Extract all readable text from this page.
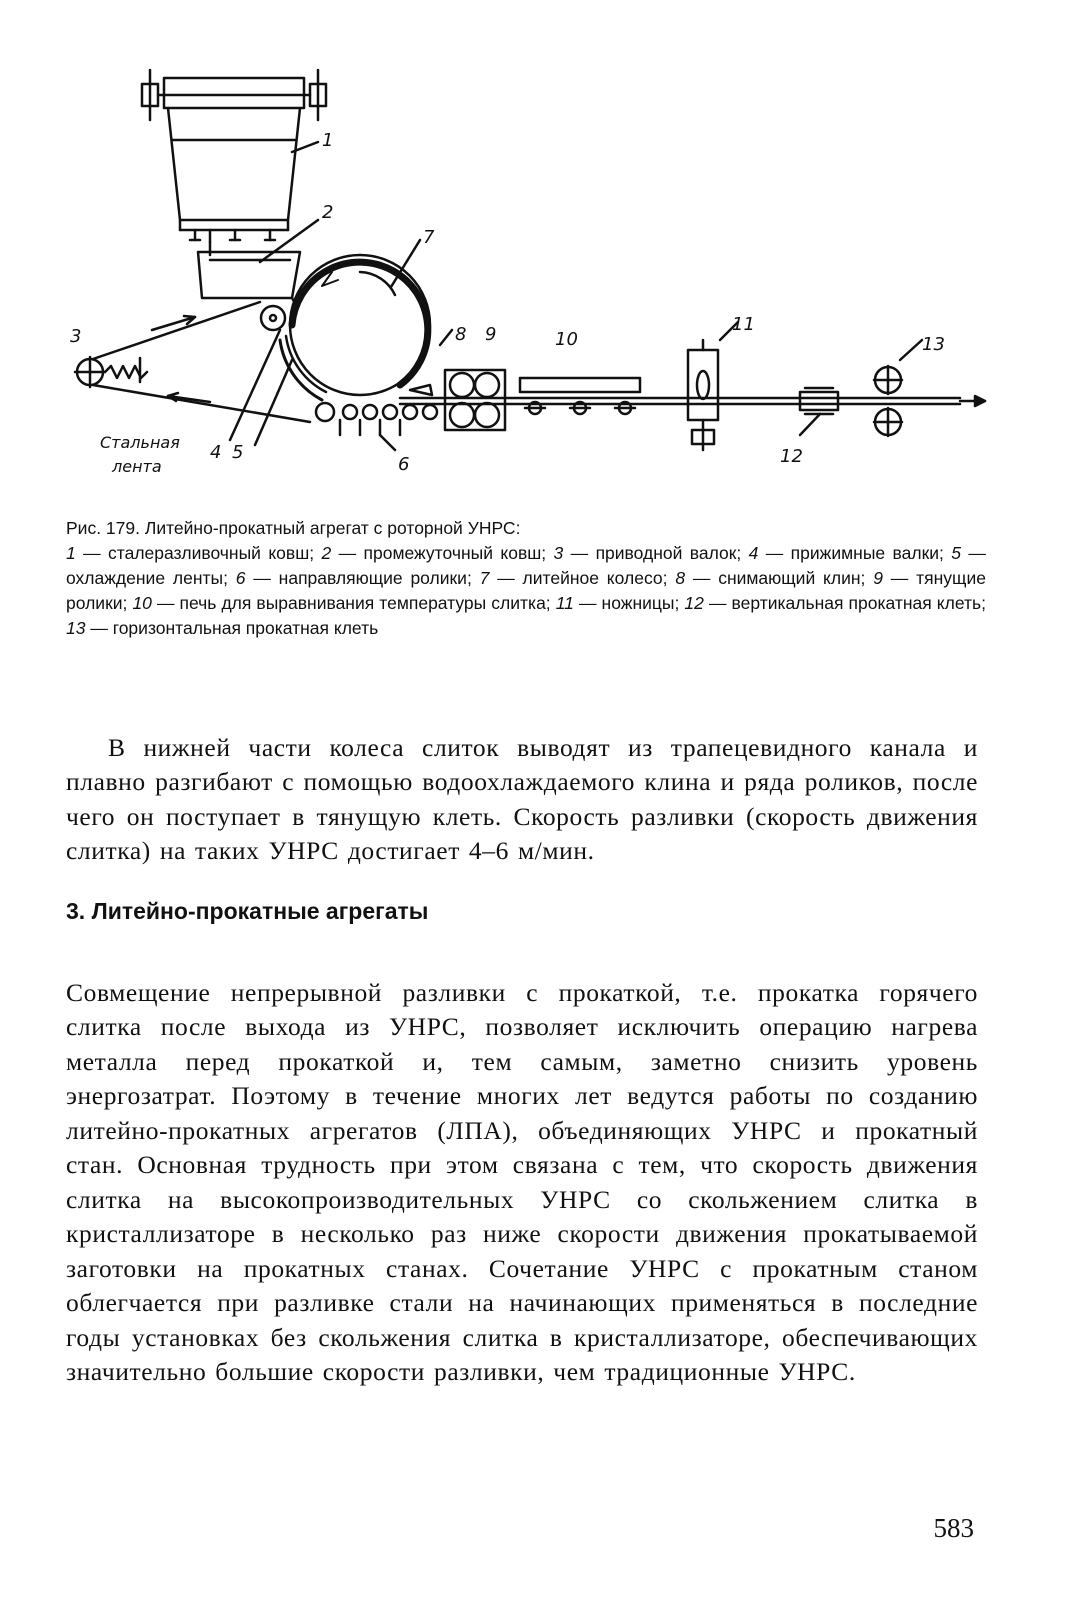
1
2
3
4 5
6
7
8 9	10
11
12
13
Стальная
лента
Рис. 179. Литейно-прокатный агрегат с роторной УНРС:
1 — сталеразливочный ковш; 2 — промежуточный ковш; 3 — приводной валок; 4 — прижимные валки; 5 — охлаждение ленты; 6 — направляющие ролики; 7 — литейное колесо; 8 — снимающий клин; 9 — тянущие ролики; 10 — печь для выравнивания температуры слитка; 11 — ножницы; 12 — вертикальная прокатная клеть; 13 — горизонтальная прокатная клеть

В нижней части колеса слиток выводят из трапецевидного канала и плавно разгибают с помощью водоохлаждаемого клина и ряда роликов, после чего он поступает в тянущую клеть. Скорость разливки (скорость движения слитка) на таких УНРС достигает 4–6 м/мин.

3. Литейно-прокатные агрегаты

Совмещение непрерывной разливки с прокаткой, т.е. прокатка горячего слитка после выхода из УНРС, позволяет исключить операцию нагрева металла перед прокаткой и, тем самым, заметно снизить уровень энергозатрат. Поэтому в течение многих лет ведутся работы по созданию литейно-прокатных агрегатов (ЛПА), объединяющих УНРС и прокатный стан. Основная трудность при этом связана с тем, что скорость движения слитка на высокопроизводительных УНРС со скольжением слитка в кристаллизаторе в несколько раз ниже скорости движения прокатываемой заготовки на прокатных станах. Сочетание УНРС с прокатным станом облегчается при разливке стали на начинающих применяться в последние годы установках без скольжения слитка в кристаллизаторе, обеспечивающих значительно большие скорости разливки, чем традиционные УНРС.

583
